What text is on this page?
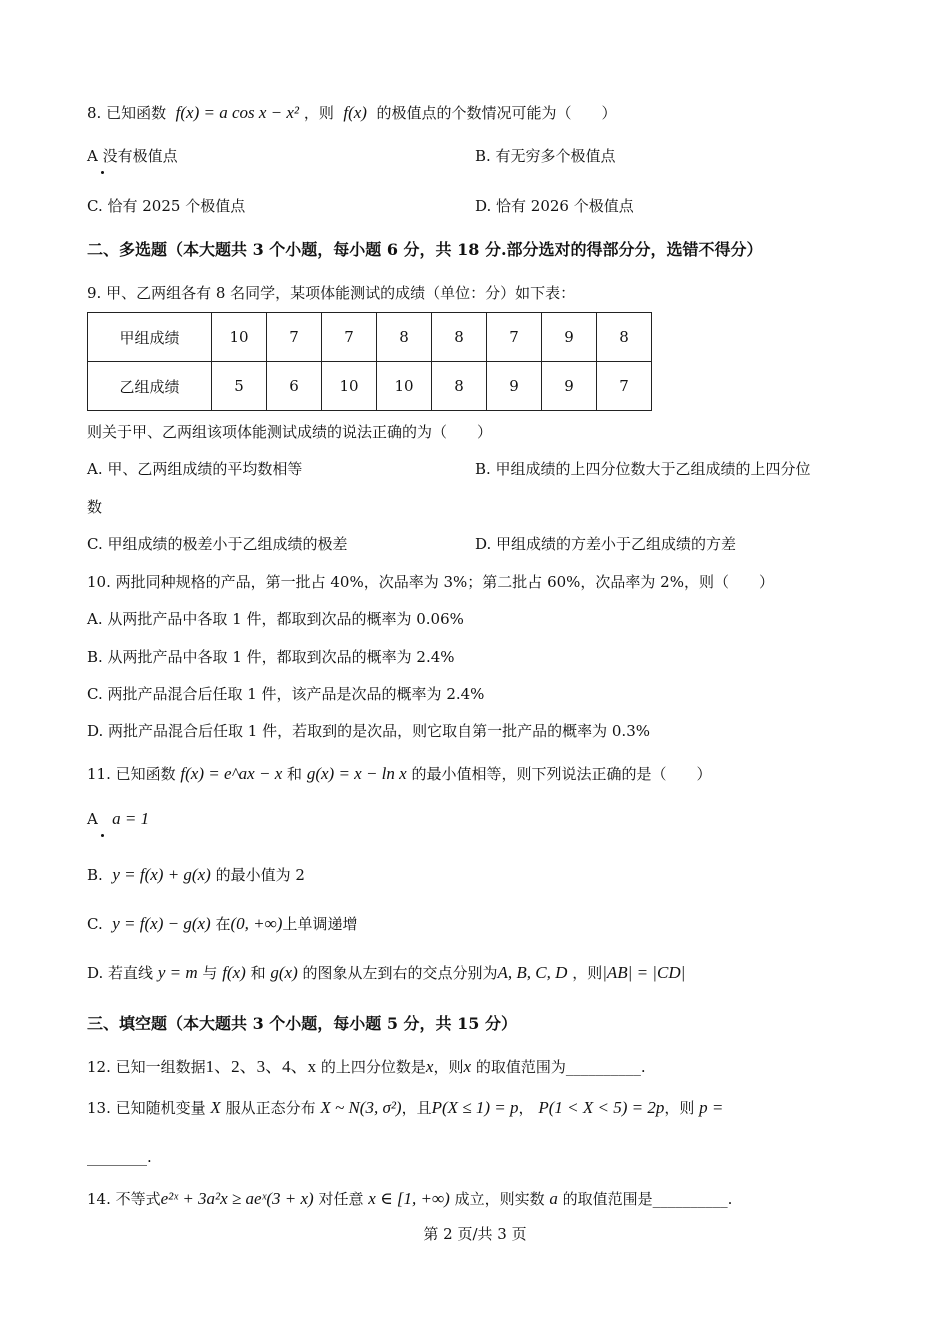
8. 已知函数 f(x) = a cos x − x² ，则 f(x) 的极值点的个数情况可能为（　　）
A 没有极值点	B. 有无穷多个极值点
C. 恰有 2025 个极值点	D. 恰有 2026 个极值点
二、多选题（本大题共 3 个小题，每小题 6 分，共 18 分.部分选对的得部分分，选错不得分）
9. 甲、乙两组各有 8 名同学，某项体能测试的成绩（单位：分）如下表：
甲组成绩	10	7	7	8	8	7	9	8
乙组成绩	5	6	10	10	8	9	9	7
则关于甲、乙两组该项体能测试成绩的说法正确的为（　　）
A. 甲、乙两组成绩的平均数相等	B. 甲组成绩的上四分位数大于乙组成绩的上四分位
数
C. 甲组成绩的极差小于乙组成绩的极差	D. 甲组成绩的方差小于乙组成绩的方差
10. 两批同种规格的产品，第一批占 40%，次品率为 3%；第二批占 60%，次品率为 2%，则（　　）
A. 从两批产品中各取 1 件，都取到次品的概率为 0.06%
B. 从两批产品中各取 1 件，都取到次品的概率为 2.4%
C. 两批产品混合后任取 1 件，该产品是次品的概率为 2.4%
D. 两批产品混合后任取 1 件，若取到的是次品，则它取自第一批产品的概率为 0.3%
11. 已知函数 f(x) = e^ax − x 和 g(x) = x − ln x 的最小值相等，则下列说法正确的是（　　）
A a = 1
B. y = f(x) + g(x) 的最小值为 2
C. y = f(x) − g(x) 在(0, +∞)上单调递增
D. 若直线 y = m 与 f(x) 和 g(x) 的图象从左到右的交点分别为A, B, C, D ，则|AB| = |CD|
三、填空题（本大题共 3 个小题，每小题 5 分，共 15 分）
12. 已知一组数据1、2、3、4、x 的上四分位数是x，则x 的取值范围为__________.
13. 已知随机变量 X 服从正态分布 X ~ N(3, σ²)，且P(X ≤ 1) = p， P(1 < X < 5) = 2p，则 p =
________.
14. 不等式e²ˣ + 3a²x ≥ aeˣ(3 + x) 对任意 x ∈ [1, +∞) 成立，则实数 a 的取值范围是__________.
第 2 页/共 3 页
